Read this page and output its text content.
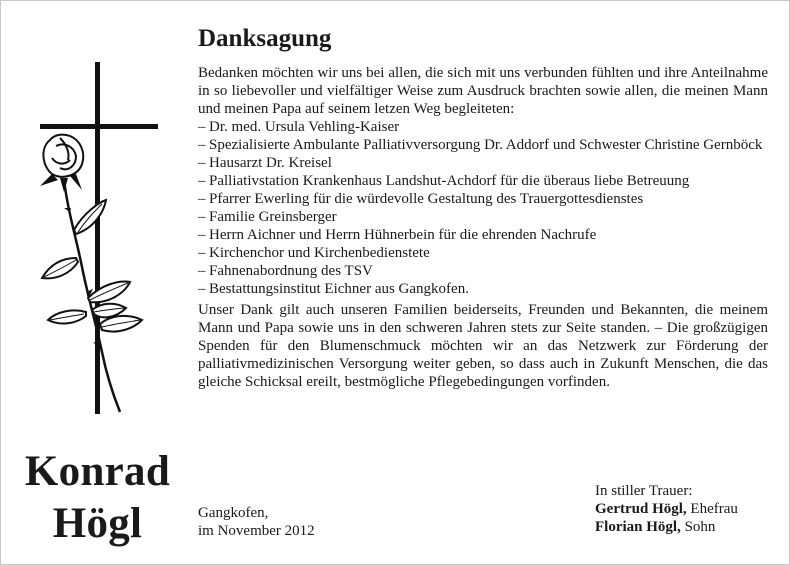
Konrad
Högl
Danksagung

Bedanken möchten wir uns bei allen, die sich mit uns verbunden fühlten und ihre Anteilnahme in so liebevoller und vielfältiger Weise zum Ausdruck brachten sowie allen, die meinen Mann und meinen Papa auf seinem letzen Weg begleiteten:

– Dr. med. Ursula Vehling-Kaiser
– Spezialisierte Ambulante Palliativversorgung Dr. Addorf und Schwester Christine Gernböck
– Hausarzt Dr. Kreisel
– Palliativstation Krankenhaus Landshut-Achdorf für die überaus liebe Betreuung
– Pfarrer Ewerling für die würdevolle Gestaltung des Trauergottesdienstes
– Familie Greinsberger
– Herrn Aichner und Herrn Hühnerbein für die ehrenden Nachrufe
– Kirchenchor und Kirchenbedienstete
– Fahnenabordnung des TSV
– Bestattungsinstitut Eichner aus Gangkofen.

Unser Dank gilt auch unseren Familien beiderseits, Freunden und Bekannten, die meinem Mann und Papa sowie uns in den schweren Jahren stets zur Seite standen. – Die großzügigen Spenden für den Blumenschmuck möchten wir an das Netzwerk zur Förderung der palliativmedizinischen Versorgung weiter geben, so dass auch in Zukunft Menschen, die das gleiche Schicksal ereilt, bestmögliche Pflegebedingungen vorfinden.

Gangkofen,
im November 2012
In stiller Trauer:
Gertrud Högl, Ehefrau
Florian Högl, Sohn
